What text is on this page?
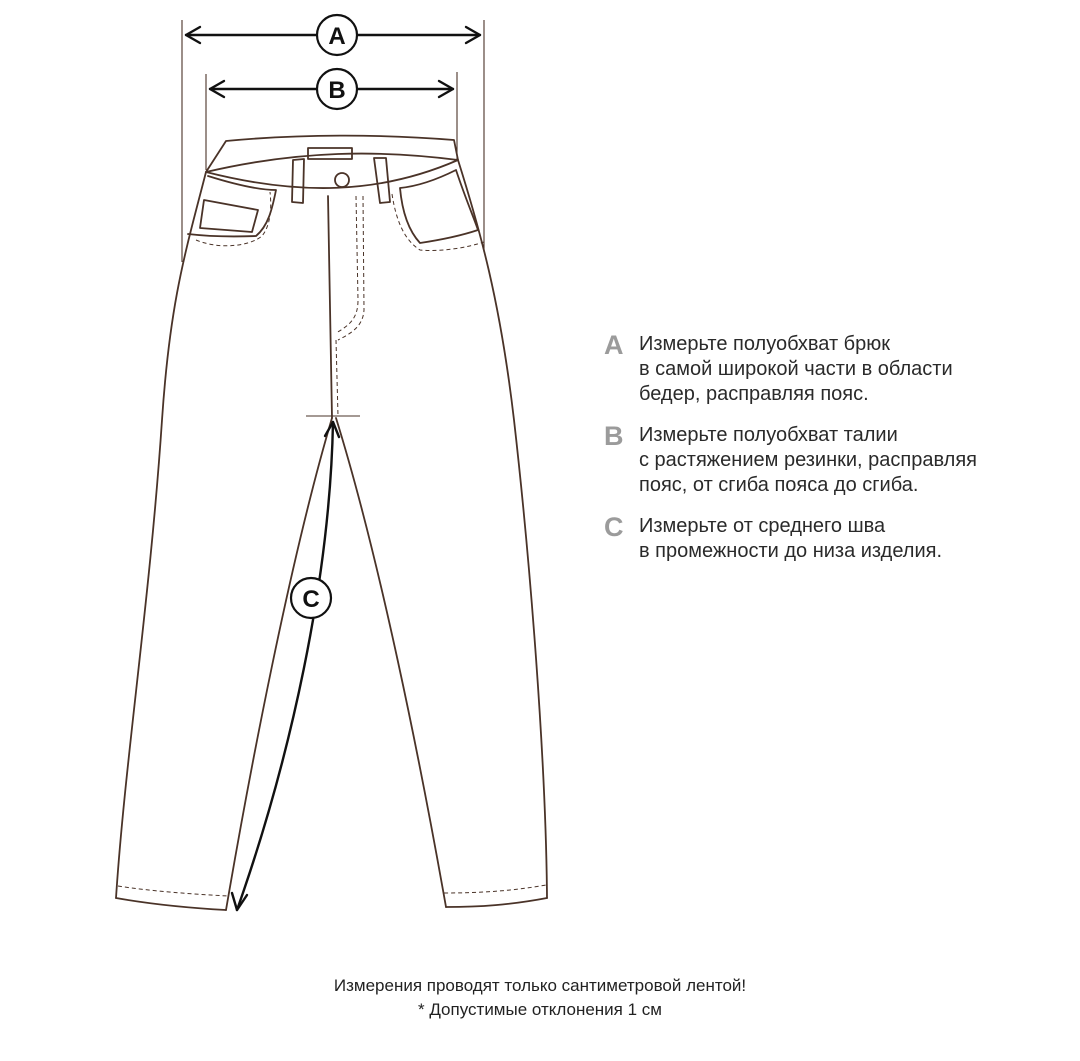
A
B
C
A Измерьте полуобхват брюк
в самой широкой части в области
бедер, расправляя пояс.
B Измерьте полуобхват талии
с растяжением резинки, расправляя
пояс, от сгиба пояса до сгиба.
C Измерьте от среднего шва
в промежности до низа изделия.
Измерения проводят только сантиметровой лентой!
* Допустимые отклонения 1 см
